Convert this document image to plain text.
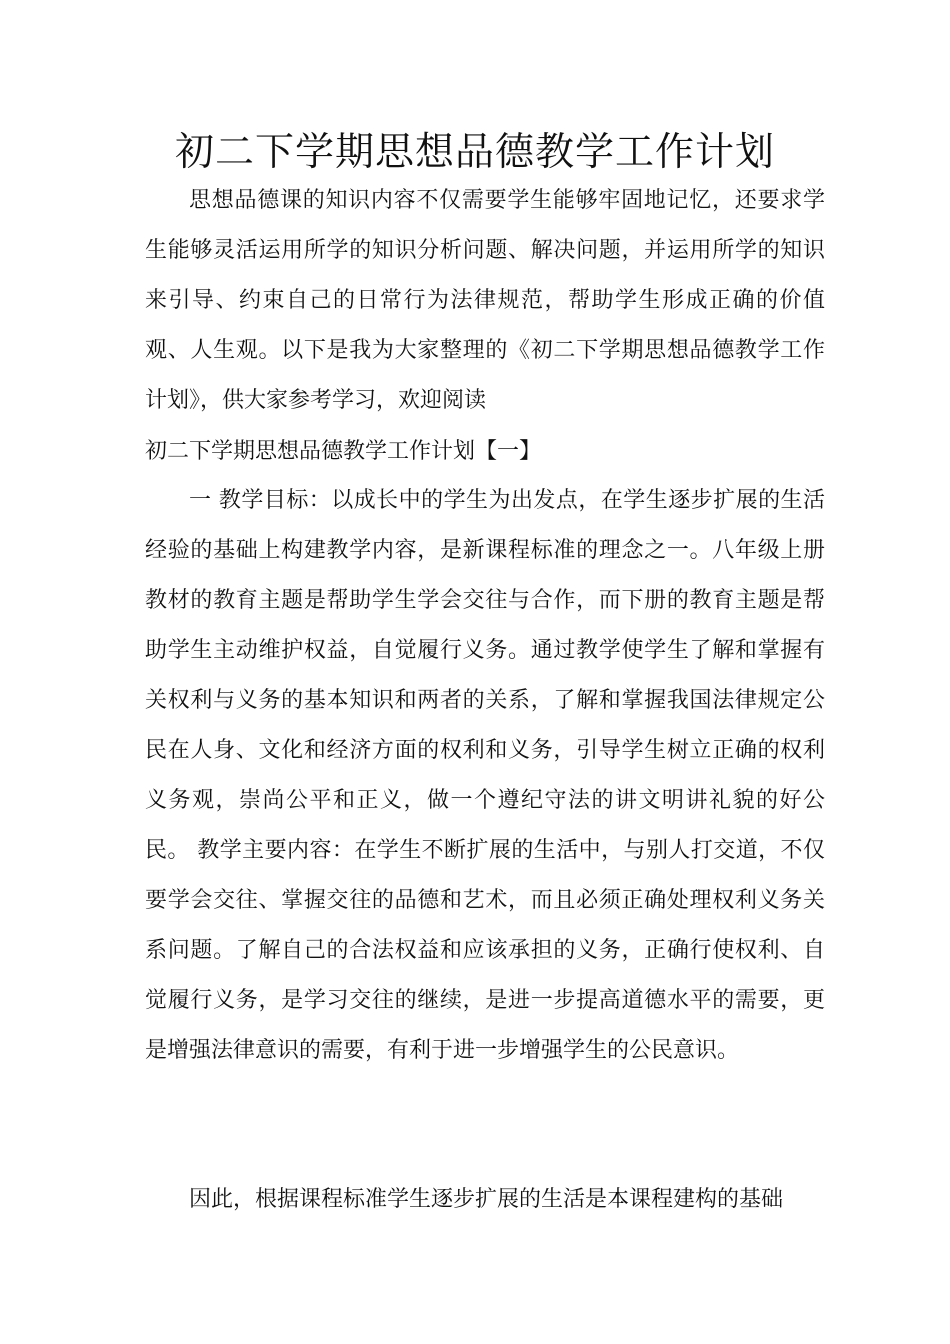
初二下学期思想品德教学工作计划

思想品德课的知识内容不仅需要学生能够牢固地记忆，还要求学生能够灵活运用所学的知识分析问题、解决问题，并运用所学的知识来引导、约束自己的日常行为法律规范，帮助学生形成正确的价值观、人生观。以下是我为大家整理的《初二下学期思想品德教学工作计划》，供大家参考学习，欢迎阅读

初二下学期思想品德教学工作计划【一】

一 教学目标：以成长中的学生为出发点，在学生逐步扩展的生活经验的基础上构建教学内容，是新课程标准的理念之一。八年级上册教材的教育主题是帮助学生学会交往与合作，而下册的教育主题是帮助学生主动维护权益，自觉履行义务。通过教学使学生了解和掌握有关权利与义务的基本知识和两者的关系，了解和掌握我国法律规定公民在人身、文化和经济方面的权利和义务，引导学生树立正确的权利义务观，崇尚公平和正义，做一个遵纪守法的讲文明讲礼貌的好公民。 教学主要内容：在学生不断扩展的生活中，与别人打交道，不仅要学会交往、掌握交往的品德和艺术，而且必须正确处理权利义务关系问题。了解自己的合法权益和应该承担的义务，正确行使权利、自觉履行义务，是学习交往的继续，是进一步提高道德水平的需要，更是增强法律意识的需要，有利于进一步增强学生的公民意识。

因此，根据课程标准学生逐步扩展的生活是本课程建构的基础
